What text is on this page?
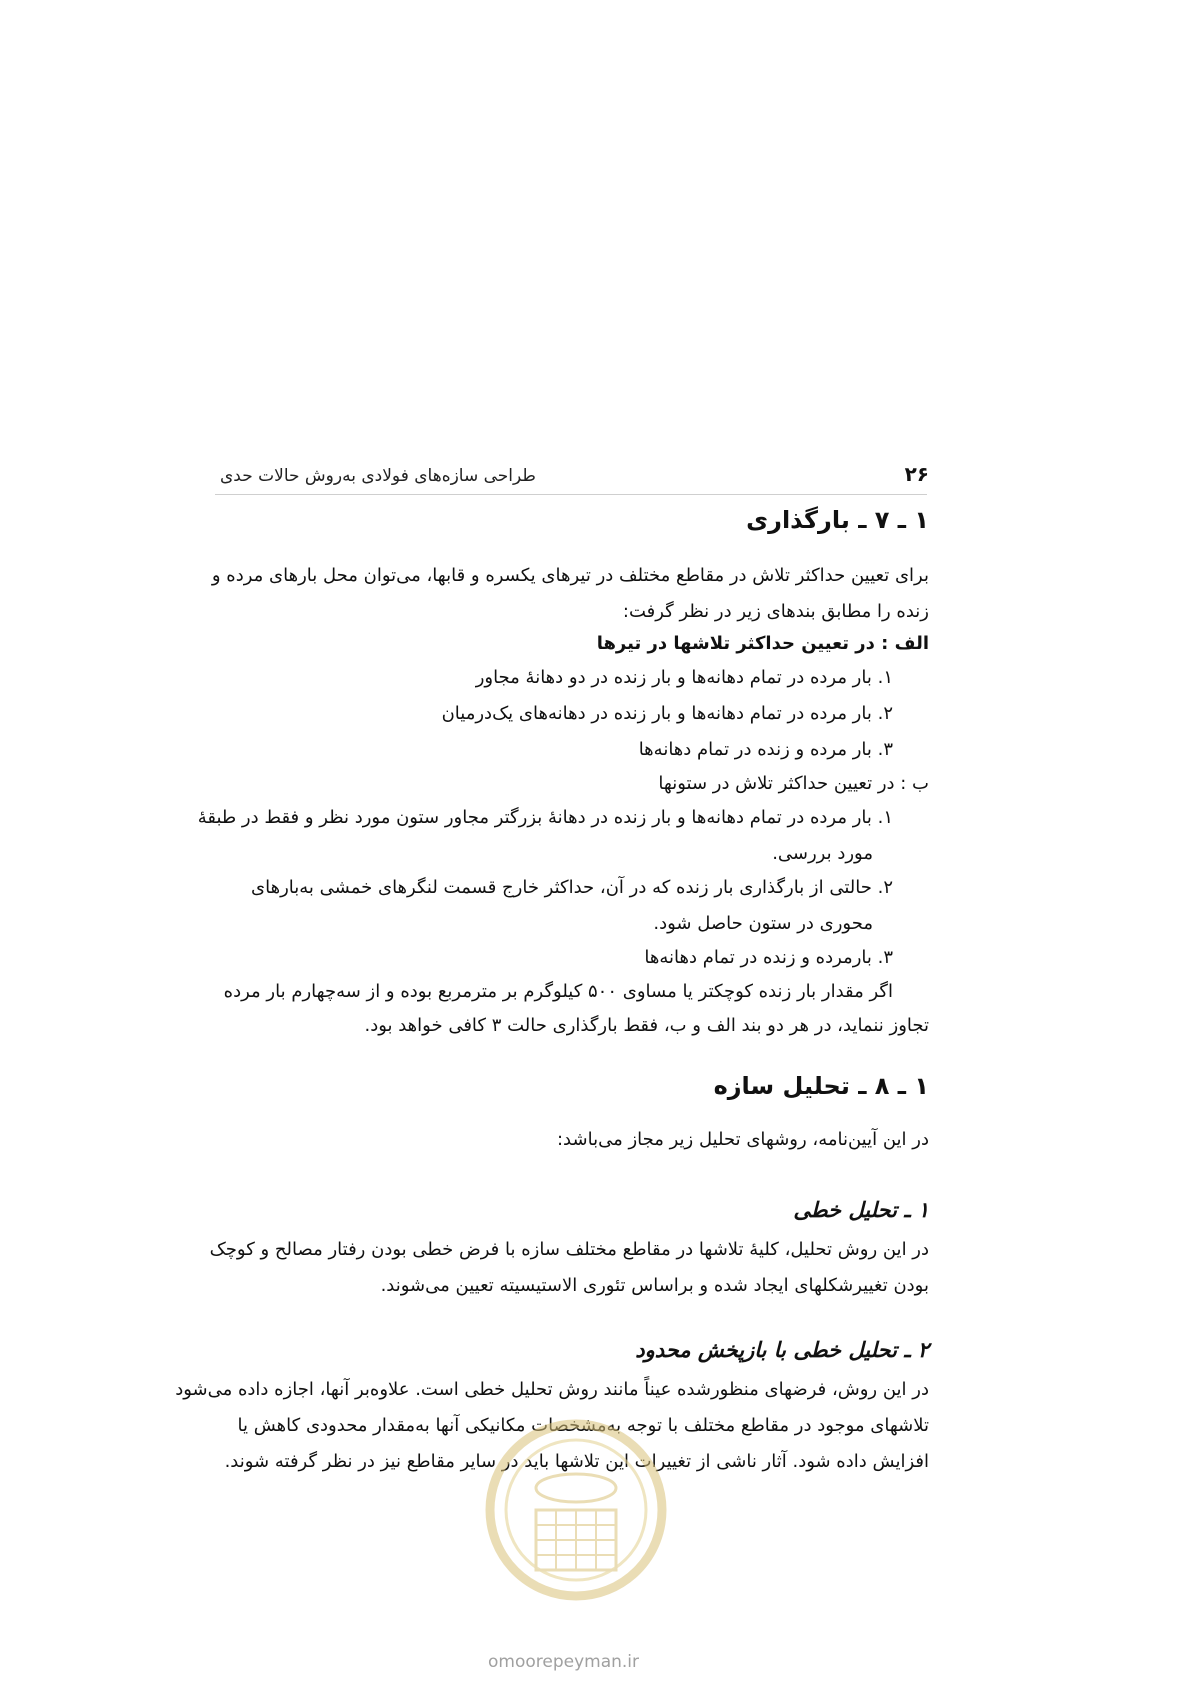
۲۶
طراحی سازه‌های فولادی به‌روش حالات حدی
۱ ـ ۷ ـ بارگذاری
برای تعیین حداکثر تلاش در مقاطع مختلف در تیرهای یکسره و قابها، می‌توان محل بارهای مرده و
زنده را مطابق بندهای زیر در نظر گرفت:
الف : در تعیین حداکثر تلاشها در تیرها
۱. بار مرده در تمام دهانه‌ها و بار زنده در دو دهانهٔ مجاور
۲. بار مرده در تمام دهانه‌ها و بار زنده در دهانه‌های یک‌درمیان
۳. بار مرده و زنده در تمام دهانه‌ها
ب : در تعیین حداکثر تلاش در ستونها
۱. بار مرده در تمام دهانه‌ها و بار زنده در دهانهٔ بزرگتر مجاور ستون مورد نظر و فقط در طبقهٔ
مورد بررسی.
۲. حالتی از بارگذاری بار زنده که در آن، حداکثر خارج قسمت لنگرهای خمشی به‌بارهای
محوری در ستون حاصل شود.
۳. بارمرده و زنده در تمام دهانه‌ها
اگر مقدار بار زنده کوچکتر یا مساوی ۵۰۰ کیلوگرم بر مترمربع بوده و از سه‌چهارم بار مرده
تجاوز ننماید، در هر دو بند الف و ب، فقط بارگذاری حالت ۳ کافی خواهد بود.
۱ ـ ۸ ـ تحلیل سازه
در این آیین‌نامه، روشهای تحلیل زیر مجاز می‌باشد:
۱ ـ تحلیل خطی
در این روش تحلیل، کلیهٔ تلاشها در مقاطع مختلف سازه با فرض خطی بودن رفتار مصالح و کوچک
بودن تغییرشکلهای ایجاد شده و براساس تئوری الاستیسیته تعیین می‌شوند.
۲ ـ تحلیل خطی با بازپخش محدود
در این روش، فرضهای منظورشده عیناً مانند روش تحلیل خطی است. علاوه‌بر آنها، اجازه داده می‌شود
تلاشهای موجود در مقاطع مختلف با توجه به‌مشخصات مکانیکی آنها به‌مقدار محدودی کاهش یا
افزایش داده شود. آثار ناشی از تغییرات این تلاشها باید در سایر مقاطع نیز در نظر گرفته شوند.
omoorepeyman.ir
